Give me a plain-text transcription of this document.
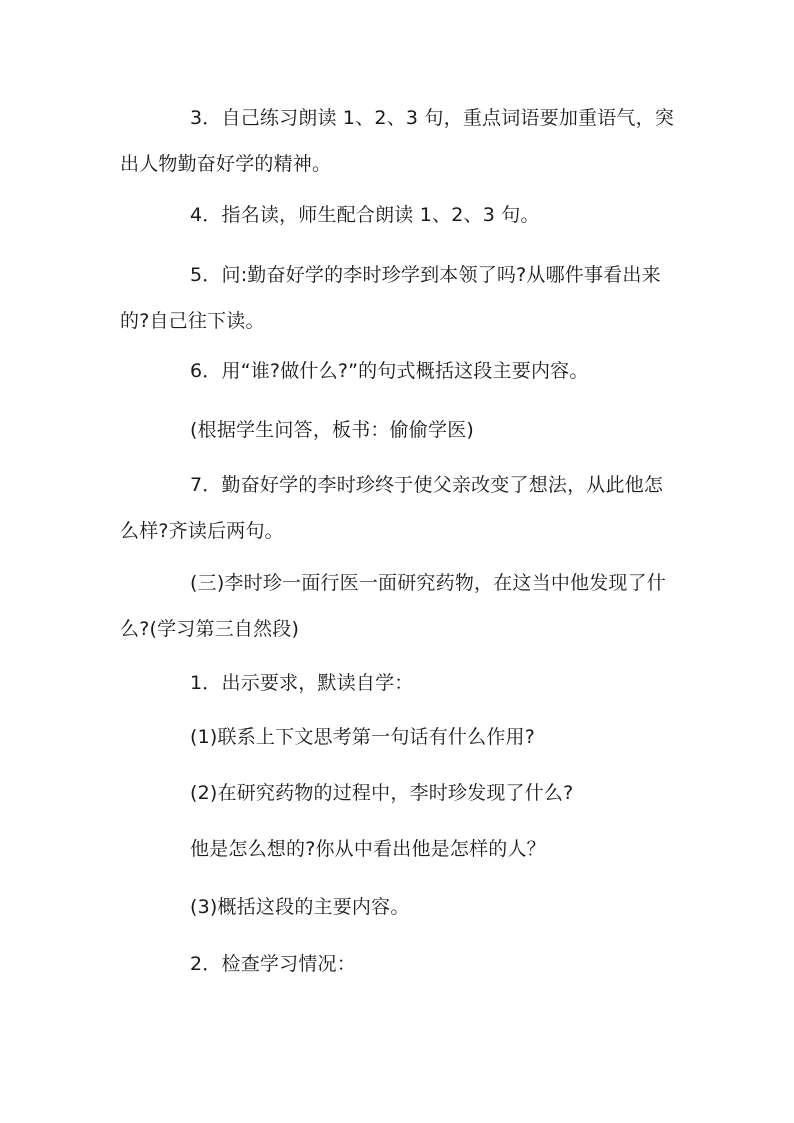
3．自己练习朗读 1、2、3 句，重点词语要加重语气，突出人物勤奋好学的精神。

4．指名读，师生配合朗读 1、2、3 句。

5．问:勤奋好学的李时珍学到本领了吗?从哪件事看出来的?自己往下读。

6．用“谁?做什么?”的句式概括这段主要内容。

(根据学生问答，板书：偷偷学医)

7．勤奋好学的李时珍终于使父亲改变了想法，从此他怎么样?齐读后两句。

(三)李时珍一面行医一面研究药物，在这当中他发现了什么?(学习第三自然段)

1．出示要求，默读自学：

(1)联系上下文思考第一句话有什么作用?

(2)在研究药物的过程中，李时珍发现了什么?

他是怎么想的?你从中看出他是怎样的人？

(3)概括这段的主要内容。

2．检查学习情况：
